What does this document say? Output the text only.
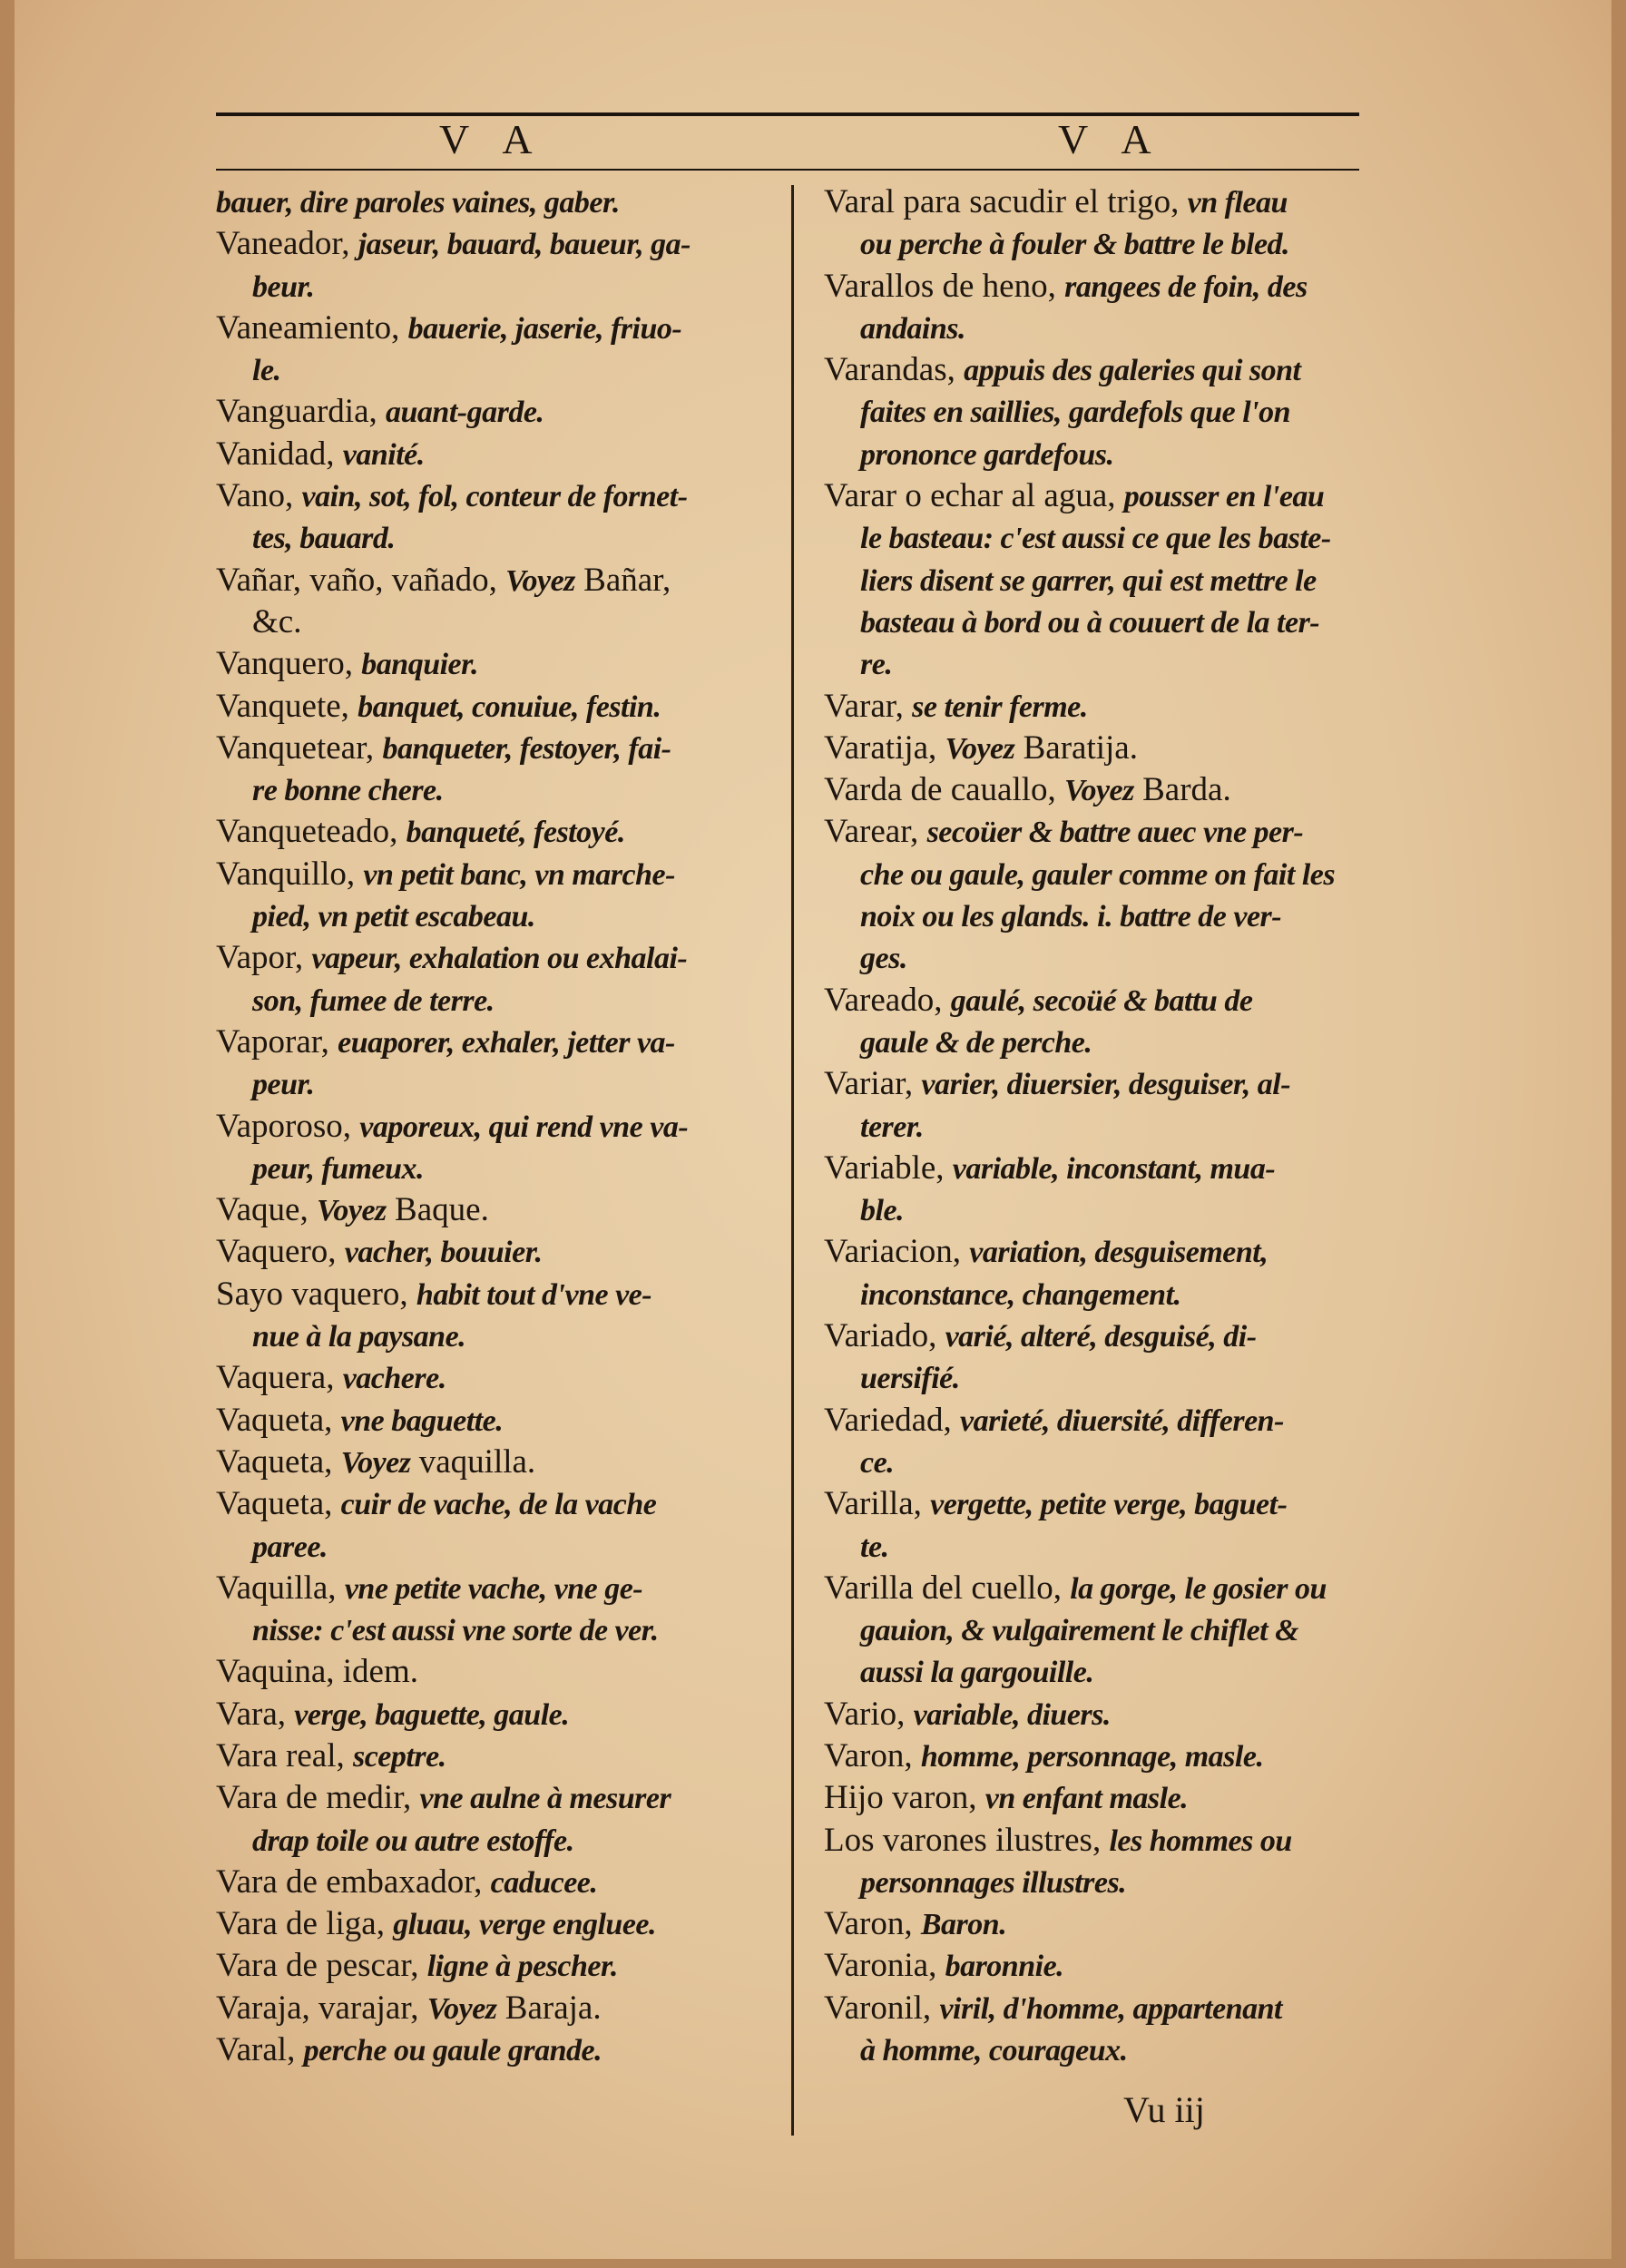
V A	V A
bauer, dire paroles vaines, gaber.
Vaneador, jaseur, bauard, baueur, ga-
beur.
Vaneamiento, bauerie, jaserie, friuo-
le.
Vanguardia, auant-garde.
Vanidad, vanité.
Vano, vain, sot, fol, conteur de fornet-
tes, bauard.
Vañar, vaño, vañado, Voyez Bañar,
&c.
Vanquero, banquier.
Vanquete, banquet, conuiue, festin.
Vanquetear, banqueter, festoyer, fai-
re bonne chere.
Vanqueteado, banqueté, festoyé.
Vanquillo, vn petit banc, vn marche-
pied, vn petit escabeau.
Vapor, vapeur, exhalation ou exhalai-
son, fumee de terre.
Vaporar, euaporer, exhaler, jetter va-
peur.
Vaporoso, vaporeux, qui rend vne va-
peur, fumeux.
Vaque, Voyez Baque.
Vaquero, vacher, bouuier.
Sayo vaquero, habit tout d'vne ve-
nue à la paysane.
Vaquera, vachere.
Vaqueta, vne baguette.
Vaqueta, Voyez vaquilla.
Vaqueta, cuir de vache, de la vache
paree.
Vaquilla, vne petite vache, vne ge-
nisse: c'est aussi vne sorte de ver.
Vaquina, idem.
Vara, verge, baguette, gaule.
Vara real, sceptre.
Vara de medir, vne aulne à mesurer
drap toile ou autre estoffe.
Vara de embaxador, caducee.
Vara de liga, gluau, verge engluee.
Vara de pescar, ligne à pescher.
Varaja, varajar, Voyez Baraja.
Varal, perche ou gaule grande.
Varal para sacudir el trigo, vn fleau
ou perche à fouler & battre le bled.
Varallos de heno, rangees de foin, des
andains.
Varandas, appuis des galeries qui sont
faites en saillies, gardefols que l'on
prononce gardefous.
Varar o echar al agua, pousser en l'eau
le basteau: c'est aussi ce que les baste-
liers disent se garrer, qui est mettre le
basteau à bord ou à couuert de la ter-
re.
Varar, se tenir ferme.
Varatija, Voyez Baratija.
Varda de cauallo, Voyez Barda.
Varear, secoüer & battre auec vne per-
che ou gaule, gauler comme on fait les
noix ou les glands. i. battre de ver-
ges.
Vareado, gaulé, secoüé & battu de
gaule & de perche.
Variar, varier, diuersier, desguiser, al-
terer.
Variable, variable, inconstant, mua-
ble.
Variacion, variation, desguisement,
inconstance, changement.
Variado, varié, alteré, desguisé, di-
uersifié.
Variedad, varieté, diuersité, differen-
ce.
Varilla, vergette, petite verge, baguet-
te.
Varilla del cuello, la gorge, le gosier ou
gauion, & vulgairement le chiflet &
aussi la gargouille.
Vario, variable, diuers.
Varon, homme, personnage, masle.
Hijo varon, vn enfant masle.
Los varones ilustres, les hommes ou
personnages illustres.
Varon, Baron.
Varonia, baronnie.
Varonil, viril, d'homme, appartenant
à homme, courageux.
Vu iij
